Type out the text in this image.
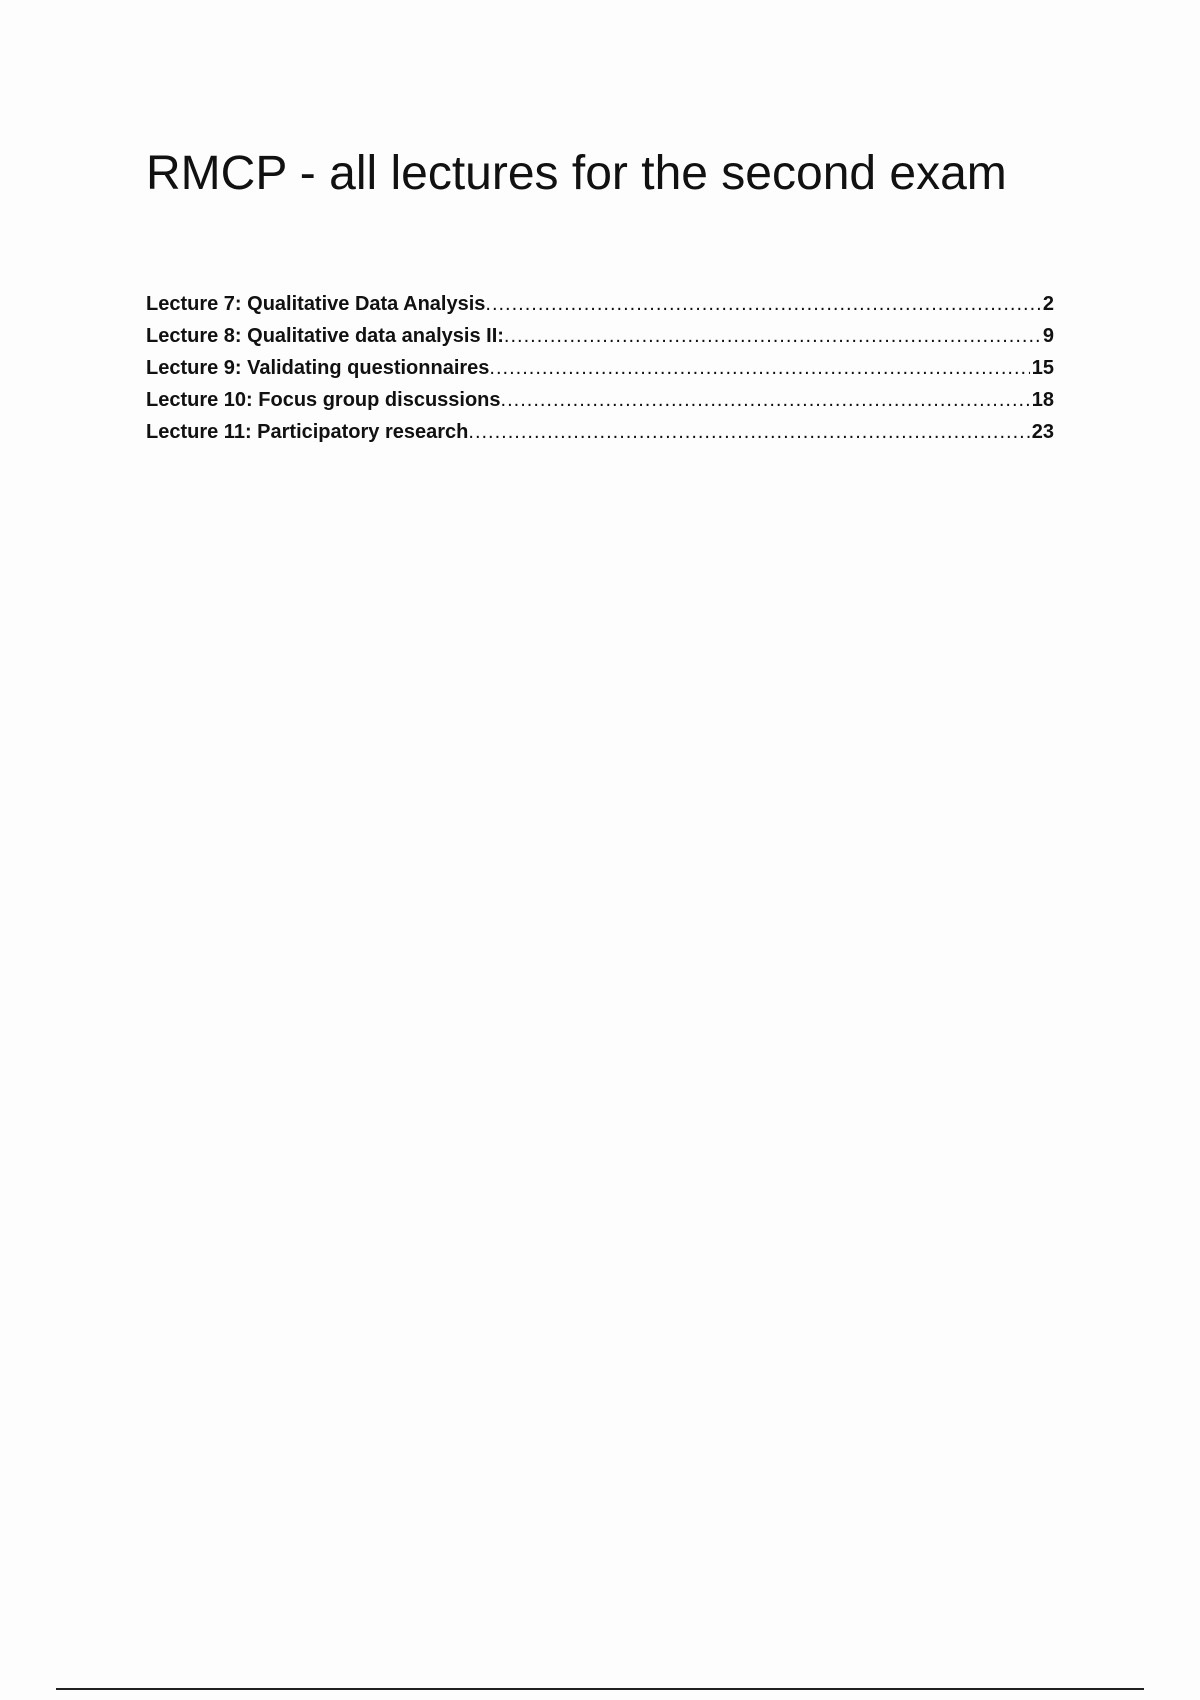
RMCP - all lectures for the second exam
Lecture 7: Qualitative Data Analysis .....	2
Lecture 8: Qualitative data analysis II: .....	9
Lecture 9: Validating questionnaires .....	15
Lecture 10: Focus group discussions .....	18
Lecture 11: Participatory research .....	23
